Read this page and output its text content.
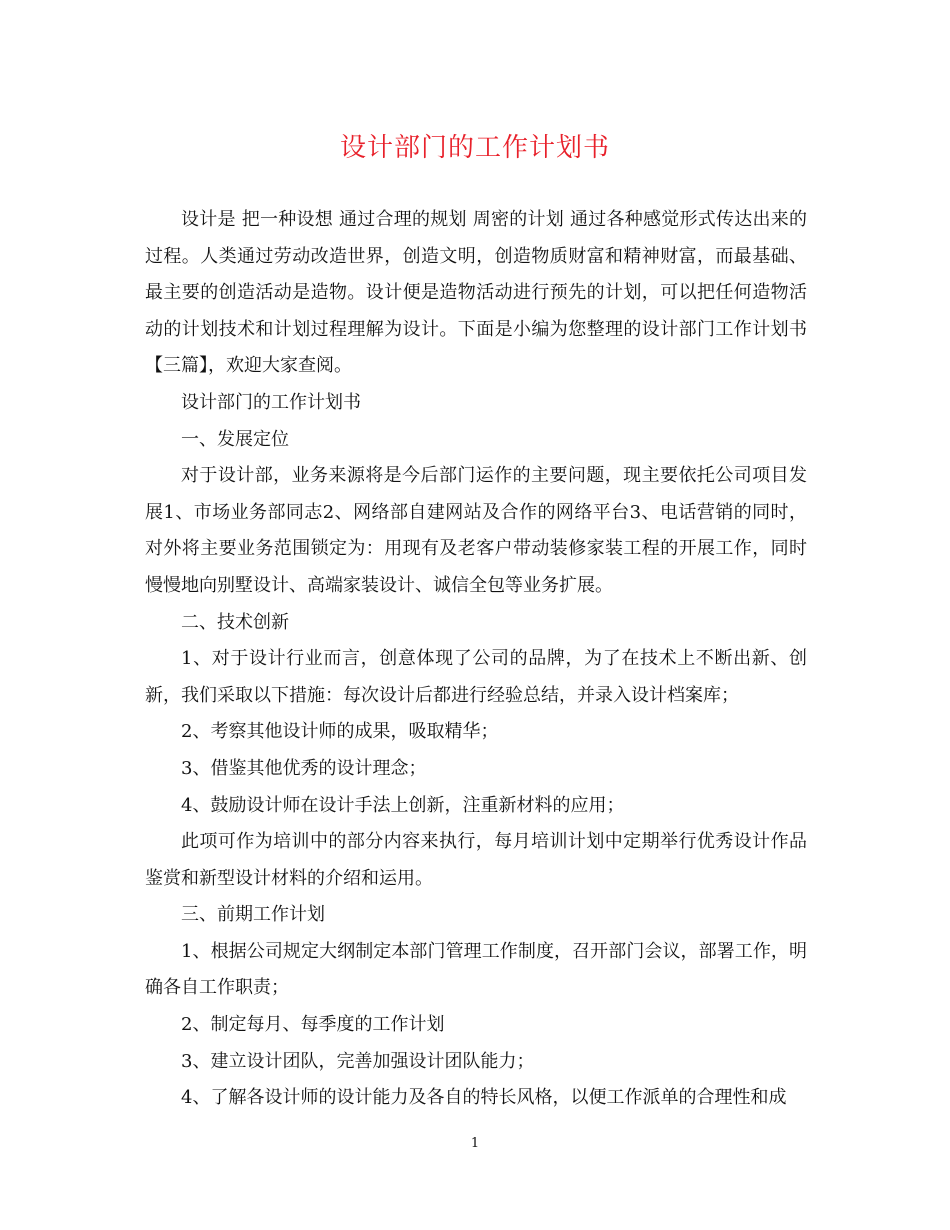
设计部门的工作计划书

设计是 把一种设想 通过合理的规划 周密的计划 通过各种感觉形式传达出来的过程。人类通过劳动改造世界，创造文明，创造物质财富和精神财富，而最基础、最主要的创造活动是造物。设计便是造物活动进行预先的计划，可以把任何造物活动的计划技术和计划过程理解为设计。下面是小编为您整理的设计部门工作计划书【三篇】，欢迎大家查阅。

设计部门的工作计划书

一、发展定位

对于设计部，业务来源将是今后部门运作的主要问题，现主要依托公司项目发展1、市场业务部同志2、网络部自建网站及合作的网络平台3、电话营销的同时，对外将主要业务范围锁定为：用现有及老客户带动装修家装工程的开展工作，同时慢慢地向别墅设计、高端家装设计、诚信全包等业务扩展。

二、技术创新

1、对于设计行业而言，创意体现了公司的品牌，为了在技术上不断出新、创新，我们采取以下措施：每次设计后都进行经验总结，并录入设计档案库；

2、考察其他设计师的成果，吸取精华；

3、借鉴其他优秀的设计理念；

4、鼓励设计师在设计手法上创新，注重新材料的应用；

此项可作为培训中的部分内容来执行，每月培训计划中定期举行优秀设计作品鉴赏和新型设计材料的介绍和运用。

三、前期工作计划

1、根据公司规定大纲制定本部门管理工作制度，召开部门会议，部署工作，明确各自工作职责；

2、制定每月、每季度的工作计划

3、建立设计团队，完善加强设计团队能力；

4、了解各设计师的设计能力及各自的特长风格，以便工作派单的合理性和成

1
